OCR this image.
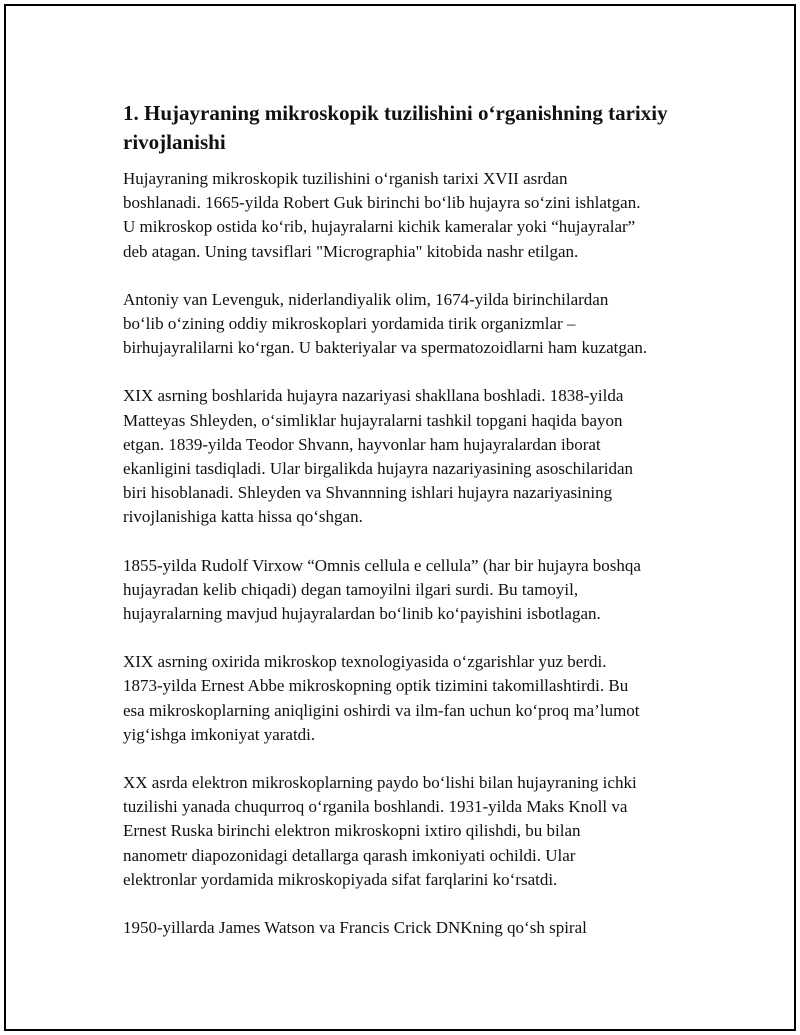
1. Hujayraning mikroskopik tuzilishini o‘rganishning tarixiy
rivojlanishi

Hujayraning mikroskopik tuzilishini o‘rganish tarixi XVII asrdan
boshlanadi. 1665-yilda Robert Guk birinchi bo‘lib hujayra so‘zini ishlatgan.
U mikroskop ostida ko‘rib, hujayralarni kichik kameralar yoki “hujayralar”
deb atagan. Uning tavsiflari "Micrographia" kitobida nashr etilgan.

Antoniy van Levenguk, niderlandiyalik olim, 1674-yilda birinchilardan
bo‘lib o‘zining oddiy mikroskoplari yordamida tirik organizmlar –
birhujayralilarni ko‘rgan. U bakteriyalar va spermatozoidlarni ham kuzatgan.

XIX asrning boshlarida hujayra nazariyasi shakllana boshladi. 1838-yilda
Matteyas Shleyden, o‘simliklar hujayralarni tashkil topgani haqida bayon
etgan. 1839-yilda Teodor Shvann, hayvonlar ham hujayralardan iborat
ekanligini tasdiqladi. Ular birgalikda hujayra nazariyasining asoschilaridan
biri hisoblanadi. Shleyden va Shvannning ishlari hujayra nazariyasining
rivojlanishiga katta hissa qo‘shgan.

1855-yilda Rudolf Virxow “Omnis cellula e cellula” (har bir hujayra boshqa
hujayradan kelib chiqadi) degan tamoyilni ilgari surdi. Bu tamoyil,
hujayralarning mavjud hujayralardan bo‘linib ko‘payishini isbotlagan.

XIX asrning oxirida mikroskop texnologiyasida o‘zgarishlar yuz berdi.
1873-yilda Ernest Abbe mikroskopning optik tizimini takomillashtirdi. Bu
esa mikroskoplarning aniqligini oshirdi va ilm-fan uchun ko‘proq ma’lumot
yig‘ishga imkoniyat yaratdi.

XX asrda elektron mikroskoplarning paydo bo‘lishi bilan hujayraning ichki
tuzilishi yanada chuqurroq o‘rganila boshlandi. 1931-yilda Maks Knoll va
Ernest Ruska birinchi elektron mikroskopni ixtiro qilishdi, bu bilan
nanometr diapozonidagi detallarga qarash imkoniyati ochildi. Ular
elektronlar yordamida mikroskopiyada sifat farqlarini ko‘rsatdi.

1950-yillarda James Watson va Francis Crick DNKning qo‘sh spiral
